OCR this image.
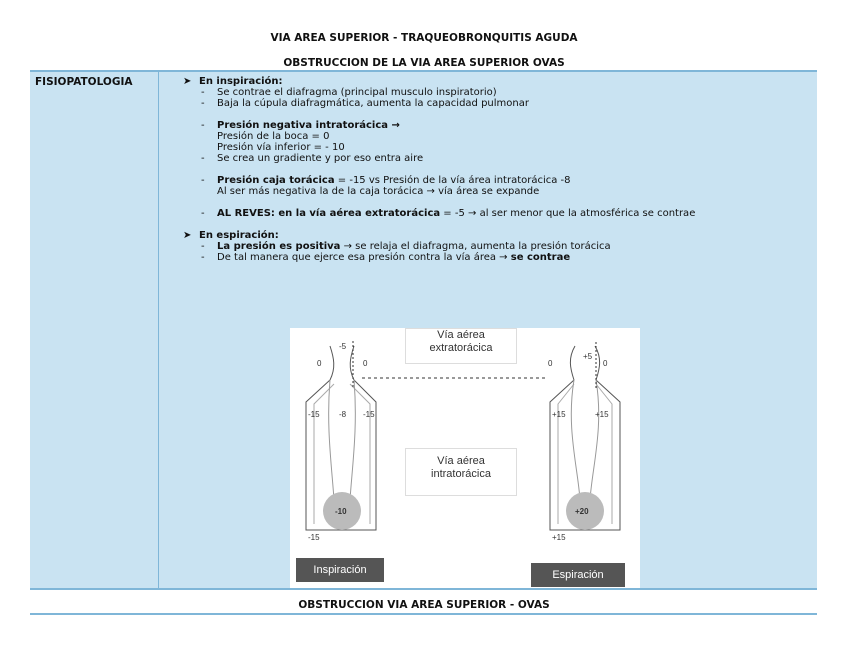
VIA AREA SUPERIOR - TRAQUEOBRONQUITIS AGUDA
OBSTRUCCION DE LA VIA AREA SUPERIOR OVAS
FISIOPATOLOGIA	➤ En inspiración:
-	Se contrae el diafragma (principal musculo inspiratorio)
-	Baja la cúpula diafragmática, aumenta la capacidad pulmonar
-	Presión negativa intratorácica →
Presión de la boca = 0
Presión vía inferior = - 10
-	Se crea un gradiente y por eso entra aire
-	Presión caja torácica = -15 vs Presión de la vía área intratorácica -8
Al ser más negativa la de la caja torácica → vía área se expande
-	AL REVES: en la vía aérea extratorácica = -5 → al ser menor que la atmosférica se contrae
➤ En espiración:
-	La presión es positiva → se relaja el diafragma, aumenta la presión torácica
-	De tal manera que ejerce esa presión contra la vía área → se contrae
Vía aérea
extratorácica
Vía aérea
intratorácica
-5
0	0
-15 -8 -15
-10
-15
+5
0	0
+15	+15
+20
+15
Inspiración	Espiración
OBSTRUCCION VIA AREA SUPERIOR - OVAS
